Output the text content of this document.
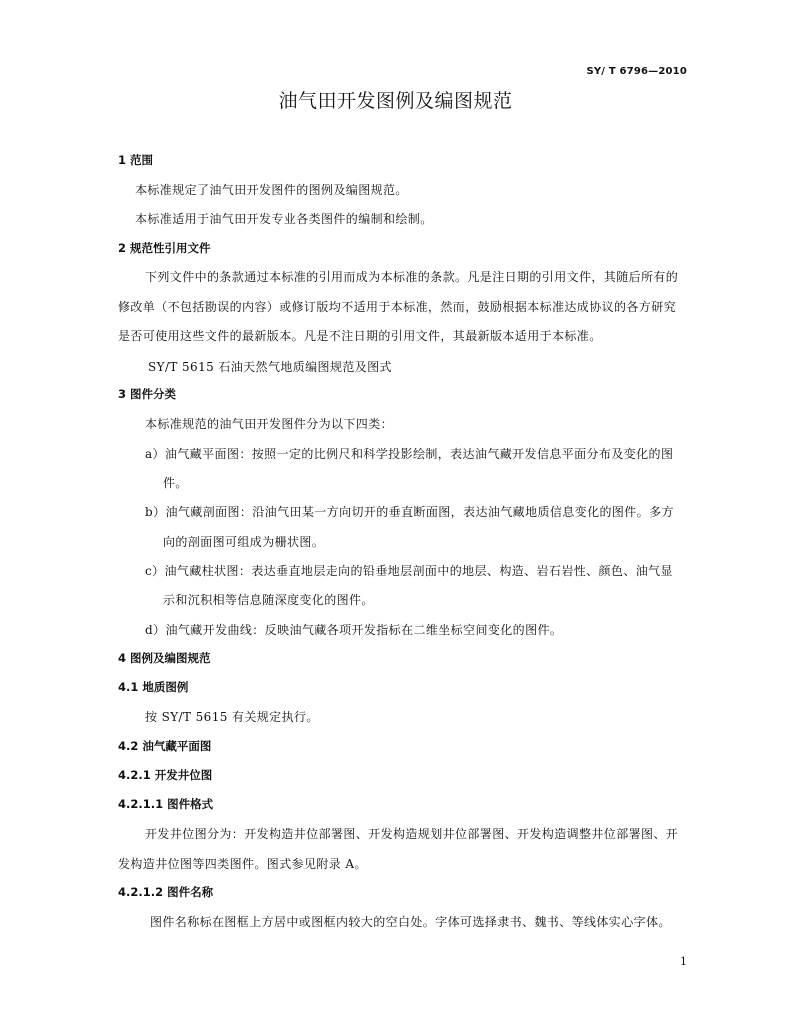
SY/ T 6796—2010
油气田开发图例及编图规范
1 范围
本标准规定了油气田开发图件的图例及编图规范。
本标准适用于油气田开发专业各类图件的编制和绘制。
2 规范性引用文件
下列文件中的条款通过本标准的引用而成为本标准的条款。凡是注日期的引用文件，其随后所有的
修改单（不包括勘误的内容）或修订版均不适用于本标准，然而，鼓励根据本标准达成协议的各方研究
是否可使用这些文件的最新版本。凡是不注日期的引用文件，其最新版本适用于本标准。
SY/T 5615 石油天然气地质编图规范及图式
3 图件分类
本标准规范的油气田开发图件分为以下四类：
a）油气藏平面图：按照一定的比例尺和科学投影绘制，表达油气藏开发信息平面分布及变化的图
件。
b）油气藏剖面图：沿油气田某一方向切开的垂直断面图，表达油气藏地质信息变化的图件。多方
向的剖面图可组成为栅状图。
c）油气藏柱状图：表达垂直地层走向的铅垂地层剖面中的地层、构造、岩石岩性、颜色、油气显
示和沉积相等信息随深度变化的图件。
d）油气藏开发曲线：反映油气藏各项开发指标在二维坐标空间变化的图件。
4 图例及编图规范
4.1 地质图例
按 SY/T 5615 有关规定执行。
4.2 油气藏平面图
4.2.1 开发井位图
4.2.1.1 图件格式
开发井位图分为：开发构造井位部署图、开发构造规划井位部署图、开发构造调整井位部署图、开
发构造井位图等四类图件。图式参见附录 A。
4.2.1.2 图件名称
图件名称标在图框上方居中或图框内较大的空白处。字体可选择隶书、魏书、等线体实心字体。
1
